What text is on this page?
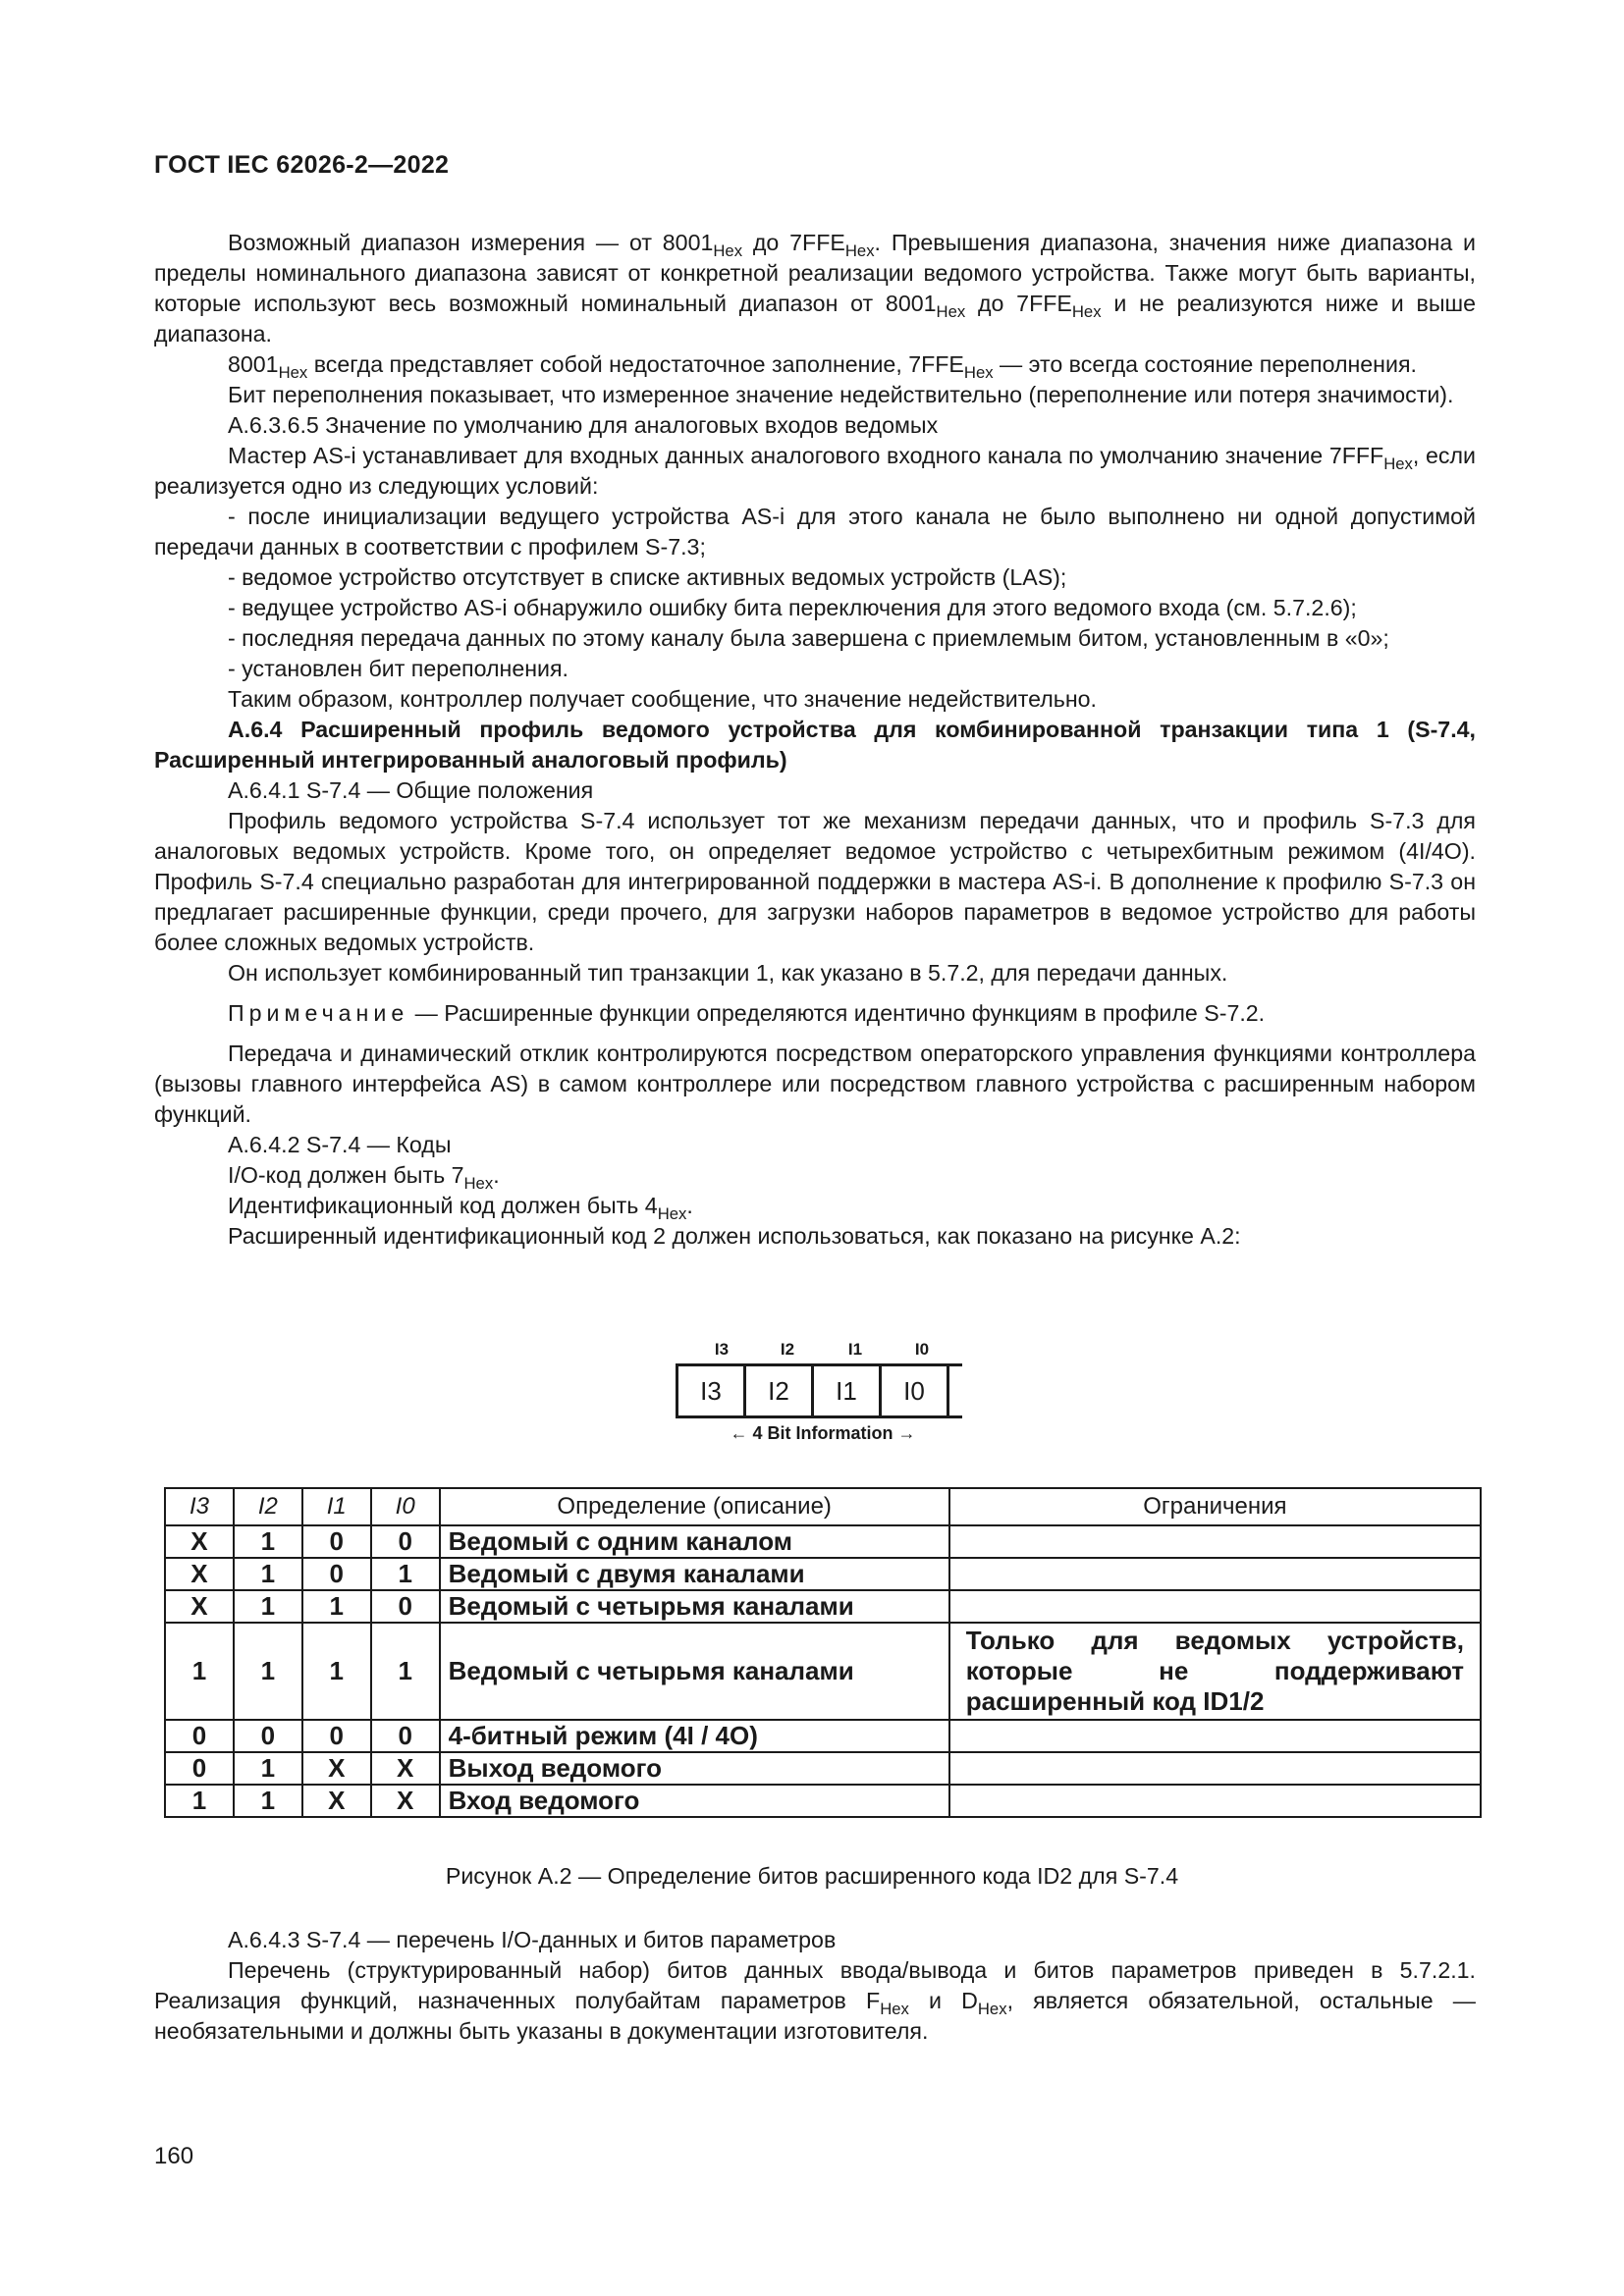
ГОСТ IEC 62026-2—2022

Возможный диапазон измерения — от $8001_{Hex}$ до $7FFE_{Hex}$. Превышения диапазона, значения ниже диапазона и пределы номинального диапазона зависят от конкретной реализации ведомого устройства. Также могут быть варианты, которые используют весь возможный номинальный диапазон от $8001_{Hex}$ до $7FFE_{Hex}$ и не реализуются ниже и выше диапазона.

$8001_{Hex}$ всегда представляет собой недостаточное заполнение, $7FFE_{Hex}$ — это всегда состояние переполнения.

Бит переполнения показывает, что измеренное значение недействительно (переполнение или потеря значимости).

А.6.3.6.5 Значение по умолчанию для аналоговых входов ведомых

Мастер AS-i устанавливает для входных данных аналогового входного канала по умолчанию значение $7FFF_{Hex}$, если реализуется одно из следующих условий:

- после инициализации ведущего устройства AS-i для этого канала не было выполнено ни одной допустимой передачи данных в соответствии с профилем S-7.3;

- ведомое устройство отсутствует в списке активных ведомых устройств (LAS);

- ведущее устройство AS-i обнаружило ошибку бита переключения для этого ведомого входа (см. 5.7.2.6);

- последняя передача данных по этому каналу была завершена с приемлемым битом, установленным в «0»;

- установлен бит переполнения.

Таким образом, контроллер получает сообщение, что значение недействительно.

А.6.4 Расширенный профиль ведомого устройства для комбинированной транзакции типа 1 (S-7.4, Расширенный интегрированный аналоговый профиль)

А.6.4.1 S-7.4 — Общие положения

Профиль ведомого устройства S-7.4 использует тот же механизм передачи данных, что и профиль S-7.3 для аналоговых ведомых устройств. Кроме того, он определяет ведомое устройство с четырехбитным режимом (4I/4O). Профиль S-7.4 специально разработан для интегрированной поддержки в мастера AS-i. В дополнение к профилю S-7.3 он предлагает расширенные функции, среди прочего, для загрузки наборов параметров в ведомое устройство для работы более сложных ведомых устройств.

Он использует комбинированный тип транзакции 1, как указано в 5.7.2, для передачи данных.

Примечание — Расширенные функции определяются идентично функциям в профиле S-7.2.

Передача и динамический отклик контролируются посредством операторского управления функциями контроллера (вызовы главного интерфейса AS) в самом контроллере или посредством главного устройства с расширенным набором функций.

А.6.4.2 S-7.4 — Коды

I/O-код должен быть $7_{Hex}$.

Идентификационный код должен быть $4_{Hex}$.

Расширенный идентификационный код 2 должен использоваться, как показано на рисунке А.2:

I3	I2	I1	I0
I3	I2	I1	I0
← 4 Bit Information →
I3	I2	I1	I0	Определение (описание)	Ограничения
X	1	0	0	Ведомый с одним каналом	
X	1	0	1	Ведомый с двумя каналами	
X	1	1	0	Ведомый с четырьмя каналами	
1	1	1	1	Ведомый с четырьмя каналами	Только для ведомых устройств, которые не поддерживают расширенный код ID1/2
0	0	0	0	4-битный режим (4I / 4O)	
0	1	X	X	Выход ведомого	
1	1	X	X	Вход ведомого	
Рисунок А.2 — Определение битов расширенного кода ID2 для S-7.4

А.6.4.3 S-7.4 — перечень I/O-данных и битов параметров

Перечень (структурированный набор) битов данных ввода/вывода и битов параметров приведен в 5.7.2.1. Реализация функций, назначенных полубайтам параметров $F_{Hex}$ и $D_{Hex}$, является обязательной, остальные — необязательными и должны быть указаны в документации изготовителя.

160
